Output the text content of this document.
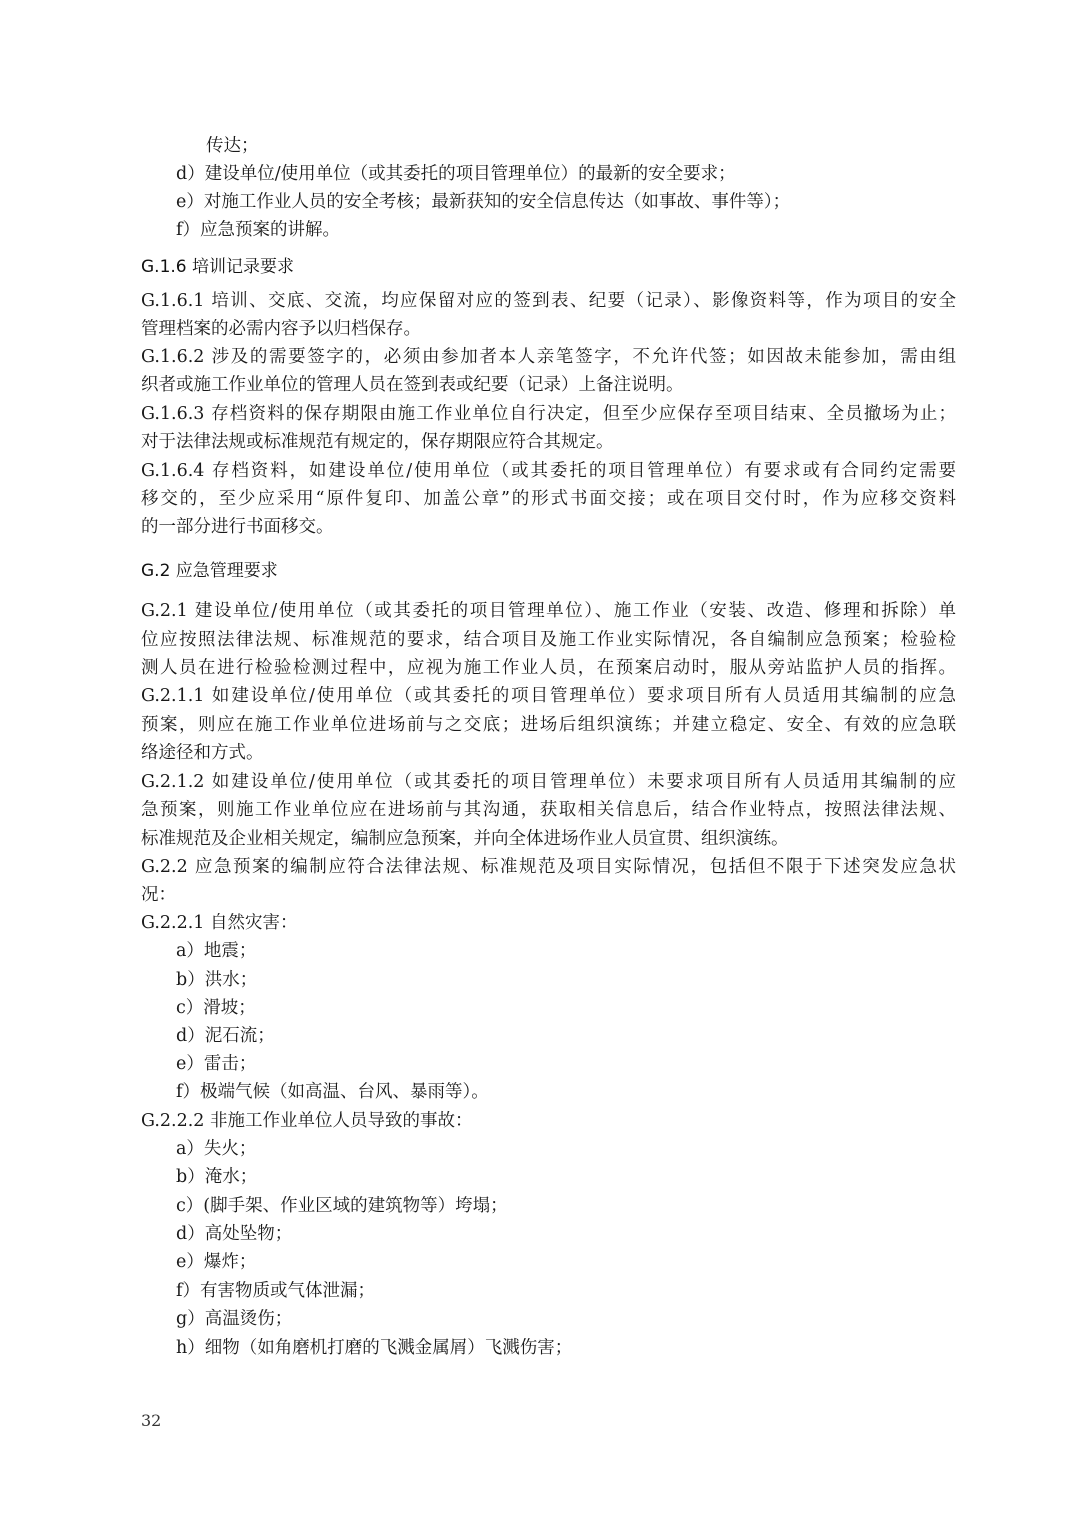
传达；
d）建设单位/使用单位（或其委托的项目管理单位）的最新的安全要求；
e）对施工作业人员的安全考核；最新获知的安全信息传达（如事故、事件等）；
f）应急预案的讲解。
G.1.6 培训记录要求
G.1.6.1 培训、交底、交流，均应保留对应的签到表、纪要（记录）、影像资料等，作为项目的安全
管理档案的必需内容予以归档保存。
G.1.6.2 涉及的需要签字的，必须由参加者本人亲笔签字，不允许代签；如因故未能参加，需由组
织者或施工作业单位的管理人员在签到表或纪要（记录）上备注说明。
G.1.6.3 存档资料的保存期限由施工作业单位自行决定，但至少应保存至项目结束、全员撤场为止；
对于法律法规或标准规范有规定的，保存期限应符合其规定。
G.1.6.4 存档资料，如建设单位/使用单位（或其委托的项目管理单位）有要求或有合同约定需要
移交的，至少应采用“原件复印、加盖公章”的形式书面交接；或在项目交付时，作为应移交资料
的一部分进行书面移交。
G.2 应急管理要求
G.2.1 建设单位/使用单位（或其委托的项目管理单位）、施工作业（安装、改造、修理和拆除）单
位应按照法律法规、标准规范的要求，结合项目及施工作业实际情况，各自编制应急预案；检验检
测人员在进行检验检测过程中，应视为施工作业人员，在预案启动时，服从旁站监护人员的指挥。
G.2.1.1 如建设单位/使用单位（或其委托的项目管理单位）要求项目所有人员适用其编制的应急
预案，则应在施工作业单位进场前与之交底；进场后组织演练；并建立稳定、安全、有效的应急联
络途径和方式。
G.2.1.2 如建设单位/使用单位（或其委托的项目管理单位）未要求项目所有人员适用其编制的应
急预案，则施工作业单位应在进场前与其沟通，获取相关信息后，结合作业特点，按照法律法规、
标准规范及企业相关规定，编制应急预案，并向全体进场作业人员宣贯、组织演练。
G.2.2 应急预案的编制应符合法律法规、标准规范及项目实际情况，包括但不限于下述突发应急状
况：
G.2.2.1 自然灾害：
a）地震；
b）洪水；
c）滑坡；
d）泥石流；
e）雷击；
f）极端气候（如高温、台风、暴雨等）。
G.2.2.2 非施工作业单位人员导致的事故：
a）失火；
b）淹水；
c）(脚手架、作业区域的建筑物等）垮塌；
d）高处坠物；
e）爆炸；
f）有害物质或气体泄漏；
g）高温烫伤；
h）细物（如角磨机打磨的飞溅金属屑）飞溅伤害；
32
